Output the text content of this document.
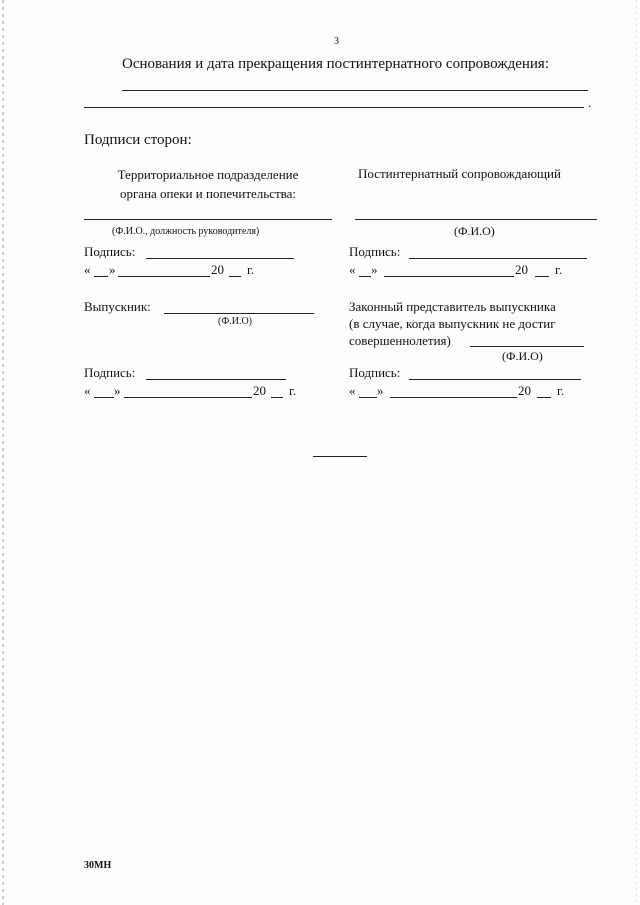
3
Основания и дата прекращения постинтернатного сопровождения:
.
Подписи сторон:
Территориальное подразделение
органа опеки и попечительства:
(Ф.И.О., должность руководителя)
Подпись:
« »	20 г.
Выпускник:
(Ф.И.О)
Подпись:
« »	20 г.
Постинтернатный сопровождающий
(Ф.И.О)
Подпись:
« »	20 г.
Законный представитель выпускника
(в случае, когда выпускник не достиг
совершеннолетия)
(Ф.И.О)
Подпись:
« »	20 г.
30МН
